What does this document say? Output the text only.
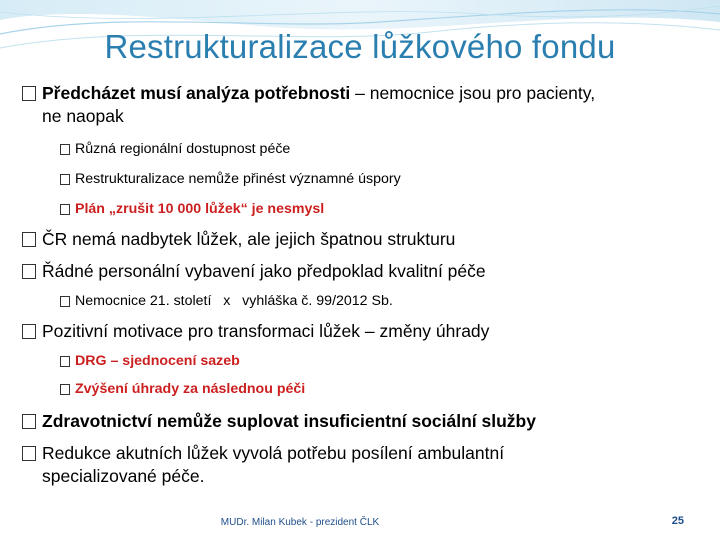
Restrukturalizace lůžkového fondu
Předcházet musí analýza potřebnosti – nemocnice jsou pro pacienty,
ne naopak
Různá regionální dostupnost péče
Restrukturalizace nemůže přinést významné úspory
Plán „zrušit 10 000 lůžek“ je nesmysl
ČR nemá nadbytek lůžek, ale jejich špatnou strukturu
Řádné personální vybavení jako předpoklad kvalitní péče
Nemocnice 21. století   x   vyhláška č. 99/2012 Sb.
Pozitivní motivace pro transformaci lůžek – změny úhrady
DRG – sjednocení sazeb
Zvýšení úhrady za následnou péči
Zdravotnictví nemůže suplovat insuficientní sociální služby
Redukce akutních lůžek vyvolá potřebu posílení ambulantní
specializované péče.
MUDr. Milan Kubek - prezident ČLK	25
